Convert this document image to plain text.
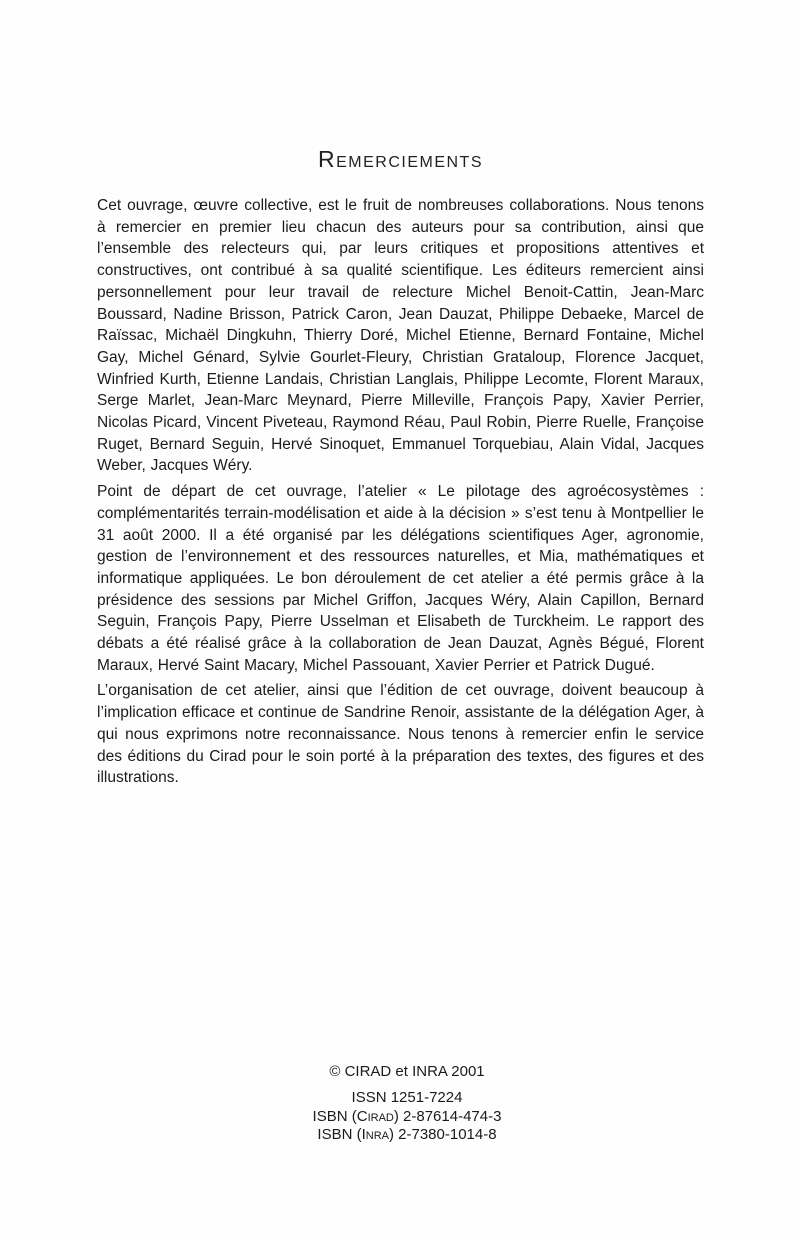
Remerciements

Cet ouvrage, œuvre collective, est le fruit de nombreuses collaborations. Nous tenons à remercier en premier lieu chacun des auteurs pour sa contribution, ainsi que l’ensemble des relecteurs qui, par leurs critiques et propositions attentives et constructives, ont contribué à sa qualité scientifique. Les éditeurs remercient ainsi personnellement pour leur travail de relecture Michel Benoit-Cattin, Jean-Marc Boussard, Nadine Brisson, Patrick Caron, Jean Dauzat, Philippe Debaeke, Marcel de Raïssac, Michaël Dingkuhn, Thierry Doré, Michel Etienne, Bernard Fontaine, Michel Gay, Michel Génard, Sylvie Gourlet-Fleury, Christian Grataloup, Florence Jacquet, Winfried Kurth, Etienne Landais, Christian Langlais, Philippe Lecomte, Florent Maraux, Serge Marlet, Jean-Marc Meynard, Pierre Milleville, François Papy, Xavier Perrier, Nicolas Picard, Vincent Piveteau, Raymond Réau, Paul Robin, Pierre Ruelle, Françoise Ruget, Bernard Seguin, Hervé Sinoquet, Emmanuel Torquebiau, Alain Vidal, Jacques Weber, Jacques Wéry.

Point de départ de cet ouvrage, l’atelier « Le pilotage des agroécosystèmes : complémentarités terrain-modélisation et aide à la décision » s’est tenu à Montpellier le 31 août 2000. Il a été organisé par les délégations scientifiques Ager, agronomie, gestion de l’environnement et des ressources naturelles, et Mia, mathématiques et informatique appliquées. Le bon déroulement de cet atelier a été permis grâce à la présidence des sessions par Michel Griffon, Jacques Wéry, Alain Capillon, Bernard Seguin, François Papy, Pierre Usselman et Elisabeth de Turckheim. Le rapport des débats a été réalisé grâce à la collaboration de Jean Dauzat, Agnès Bégué, Florent Maraux, Hervé Saint Macary, Michel Passouant, Xavier Perrier et Patrick Dugué.

L’organisation de cet atelier, ainsi que l’édition de cet ouvrage, doivent beaucoup à l’implication efficace et continue de Sandrine Renoir, assistante de la délégation Ager, à qui nous exprimons notre reconnaissance. Nous tenons à remercier enfin le service des éditions du Cirad pour le soin porté à la préparation des textes, des figures et des illustrations.

© CIRAD et INRA 2001
ISSN 1251-7224
ISBN (Cirad) 2-87614-474-3
ISBN (Inra) 2-7380-1014-8
